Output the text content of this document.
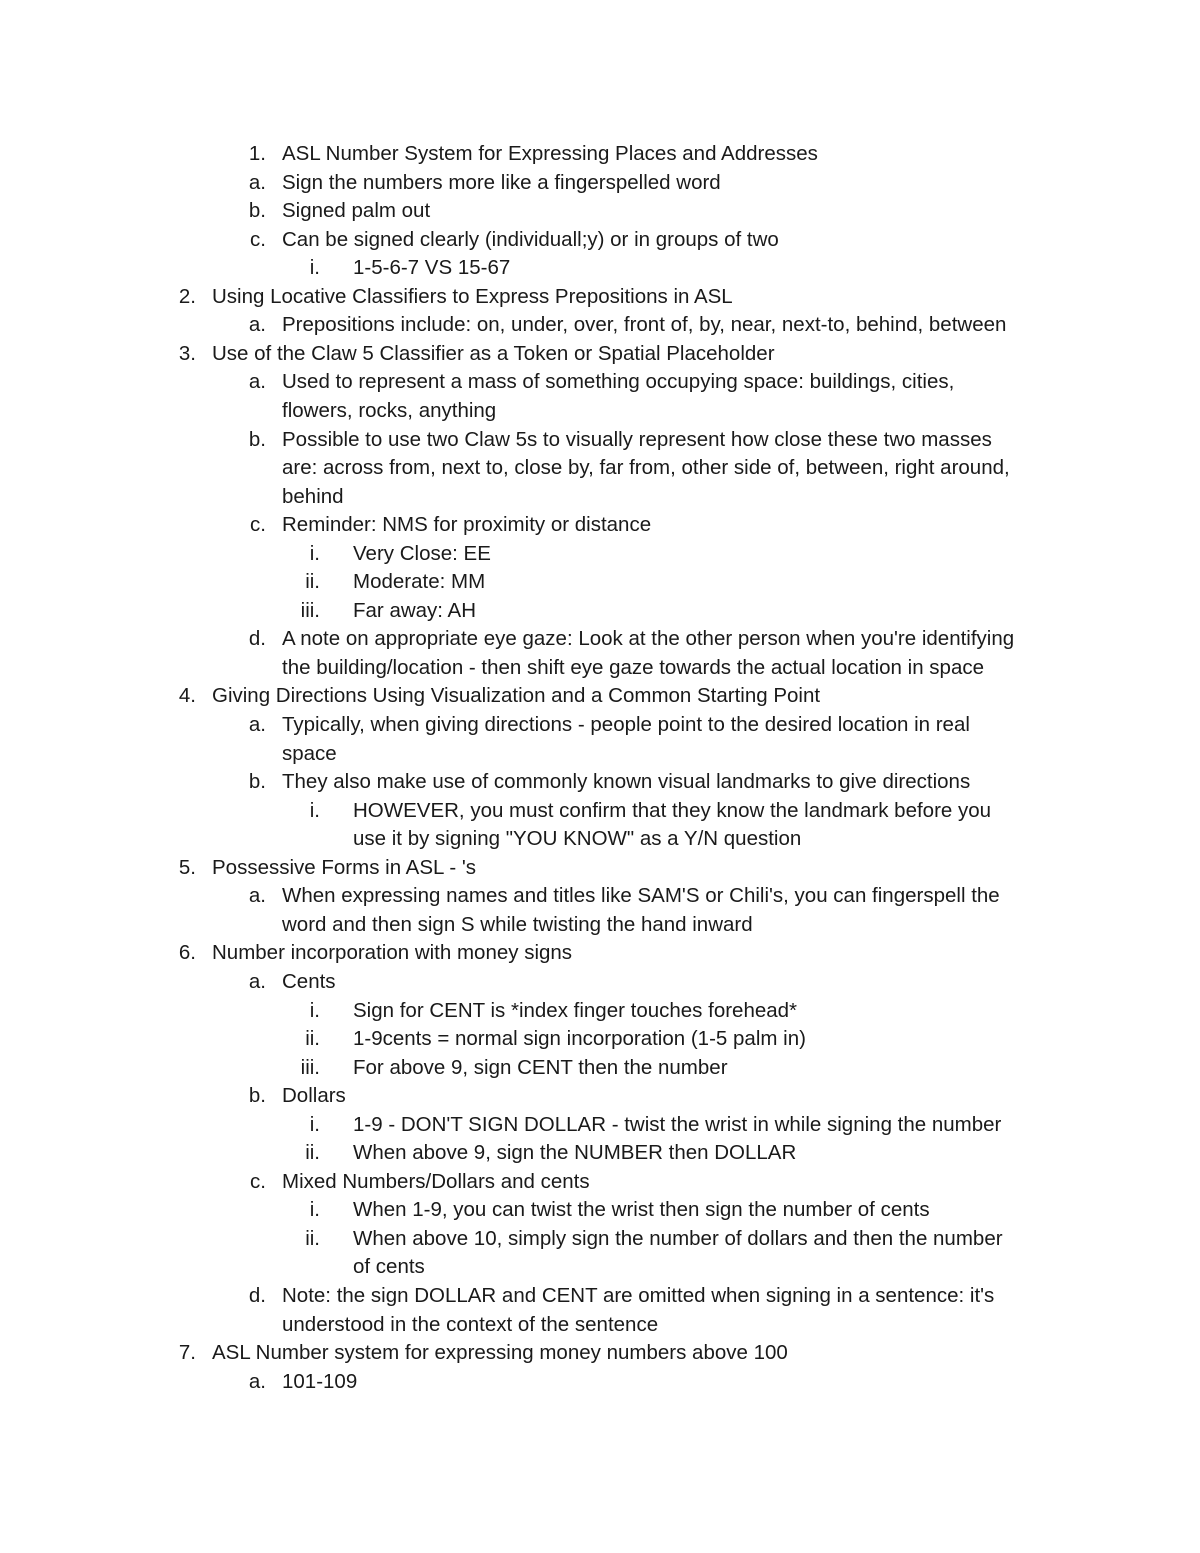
1. ASL Number System for Expressing Places and Addresses
a. Sign the numbers more like a fingerspelled word
b. Signed palm out
c. Can be signed clearly (individuall;y) or in groups of two
i. 1-5-6-7 VS 15-67
2. Using Locative Classifiers to Express Prepositions in ASL
a. Prepositions include: on, under, over, front of, by, near, next-to, behind, between
3. Use of the Claw 5 Classifier as a Token or Spatial Placeholder
a. Used to represent a mass of something occupying space: buildings, cities,
flowers, rocks, anything
b. Possible to use two Claw 5s to visually represent how close these two masses
are: across from, next to, close by, far from, other side of, between, right around,
behind
c. Reminder: NMS for proximity or distance
i. Very Close: EE
ii. Moderate: MM
iii. Far away: AH
d. A note on appropriate eye gaze: Look at the other person when you're identifying
the building/location - then shift eye gaze towards the actual location in space
4. Giving Directions Using Visualization and a Common Starting Point
a. Typically, when giving directions - people point to the desired location in real
space
b. They also make use of commonly known visual landmarks to give directions
i. HOWEVER, you must confirm that they know the landmark before you
use it by signing "YOU KNOW" as a Y/N question
5. Possessive Forms in ASL - 's
a. When expressing names and titles like SAM'S or Chili's, you can fingerspell the
word and then sign S while twisting the hand inward
6. Number incorporation with money signs
a. Cents
i. Sign for CENT is *index finger touches forehead*
ii. 1-9cents = normal sign incorporation (1-5 palm in)
iii. For above 9, sign CENT then the number
b. Dollars
i. 1-9 - DON'T SIGN DOLLAR - twist the wrist in while signing the number
ii. When above 9, sign the NUMBER then DOLLAR
c. Mixed Numbers/Dollars and cents
i. When 1-9, you can twist the wrist then sign the number of cents
ii. When above 10, simply sign the number of dollars and then the number
of cents
d. Note: the sign DOLLAR and CENT are omitted when signing in a sentence: it's
understood in the context of the sentence
7. ASL Number system for expressing money numbers above 100
a. 101-109
